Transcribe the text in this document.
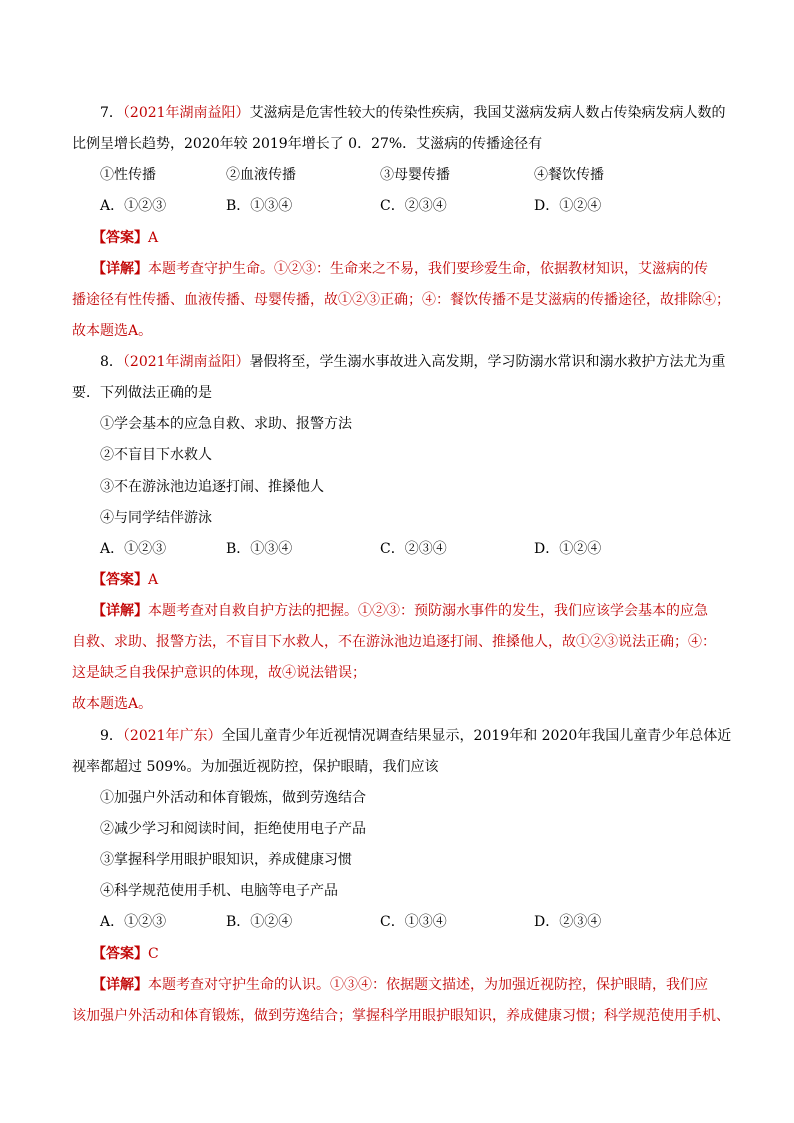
7．（2021年湖南益阳）艾滋病是危害性较大的传染性疾病，我国艾滋病发病人数占传染病发病人数的
比例呈增长趋势，2020年较 2019年增长了 0．27%．艾滋病的传播途径有
①性传播	②血液传播	③母婴传播	④餐饮传播
A．①②③	B．①③④	C．②③④	D．①②④
【答案】A
【详解】本题考查守护生命。①②③：生命来之不易，我们要珍爱生命，依据教材知识，艾滋病的传
播途径有性传播、血液传播、母婴传播，故①②③正确；④：餐饮传播不是艾滋病的传播途径，故排除④；
故本题选A。
8．（2021年湖南益阳）暑假将至，学生溺水事故进入高发期，学习防溺水常识和溺水救护方法尤为重
要．下列做法正确的是
①学会基本的应急自救、求助、报警方法
②不盲目下水救人
③不在游泳池边追逐打闹、推搡他人
④与同学结伴游泳
A．①②③	B．①③④	C．②③④	D．①②④
【答案】A
【详解】本题考查对自救自护方法的把握。①②③：预防溺水事件的发生，我们应该学会基本的应急
自救、求助、报警方法，不盲目下水救人，不在游泳池边追逐打闹、推搡他人，故①②③说法正确；④：
这是缺乏自我保护意识的体现，故④说法错误；
故本题选A。
9．（2021年广东）全国儿童青少年近视情况调查结果显示，2019年和 2020年我国儿童青少年总体近
视率都超过 509%。为加强近视防控，保护眼睛，我们应该
①加强户外活动和体育锻炼，做到劳逸结合
②减少学习和阅读时间，拒绝使用电子产品
③掌握科学用眼护眼知识，养成健康习惯
④科学规范使用手机、电脑等电子产品
A．①②③	B．①②④	C．①③④	D．②③④
【答案】C
【详解】本题考查对守护生命的认识。①③④：依据题文描述，为加强近视防控，保护眼睛，我们应
该加强户外活动和体育锻炼，做到劳逸结合；掌握科学用眼护眼知识，养成健康习惯；科学规范使用手机、
